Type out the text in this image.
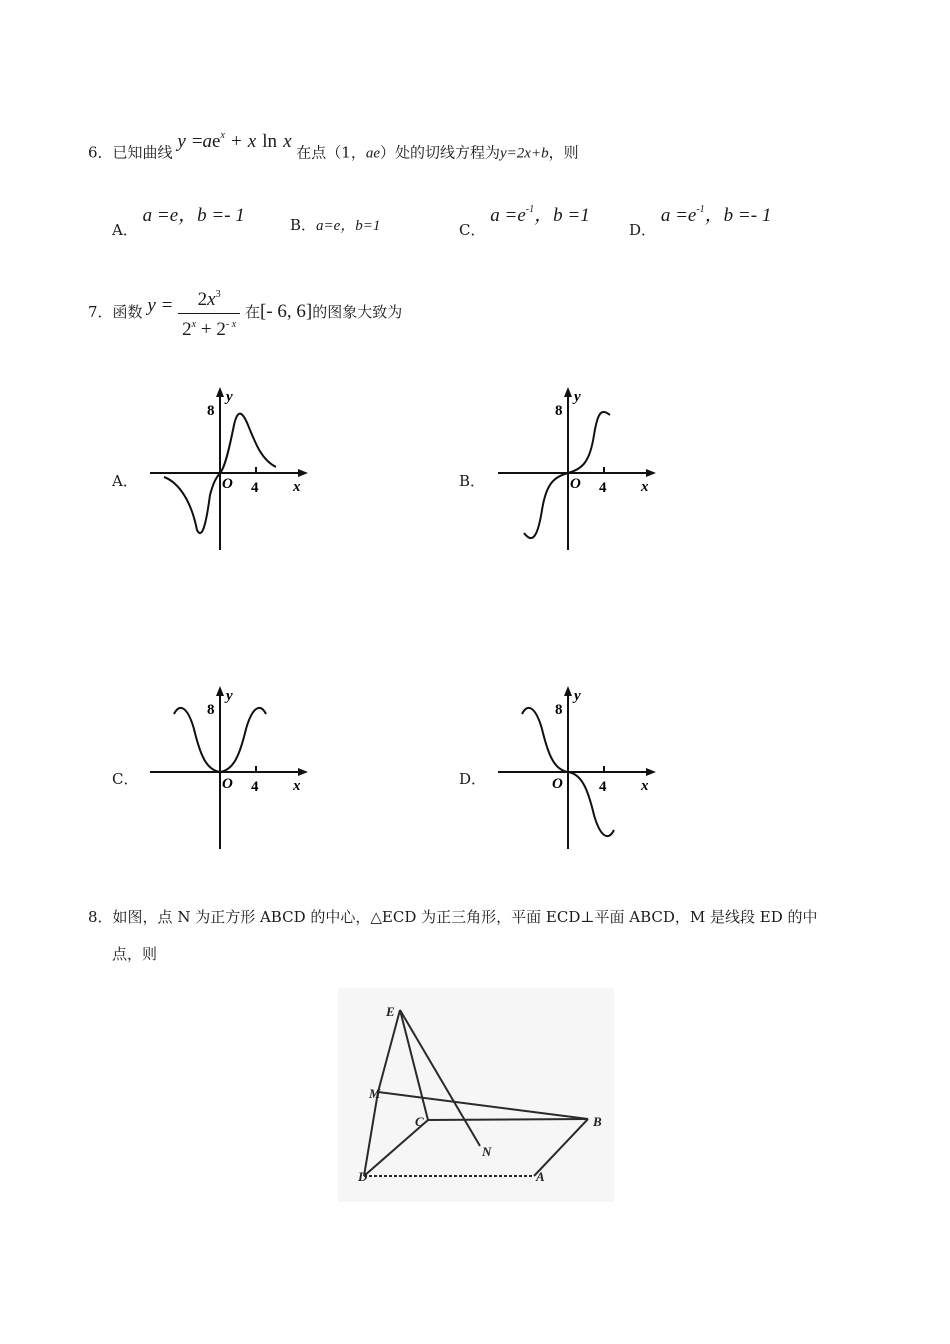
6．已知曲线 $y =ae^x + x$ ln x 在点（1，ae）处的切线方程为y=2x+b，则
A． a =e，b =- 1	B．a=e，b=1	C． $a =e^{-1}$，b =1
D． $a =e^{-1}$，b =- 1
7．函数 $y = \frac{2x^3}{2^x + 2^{- x}}$ 在[- 6, 6]的图象大致为
A．
8
4
O	x
y
B．
8
4
O	x
y
C．
8
4
O	x
y
D．
8
4
O	x
y
8．如图，点 N 为正方形 ABCD 的中心，△ECD 为正三角形，平面 ECD⊥平面 ABCD，M 是线段 ED 的中
点，则
E
M
C	B
N
D	A
